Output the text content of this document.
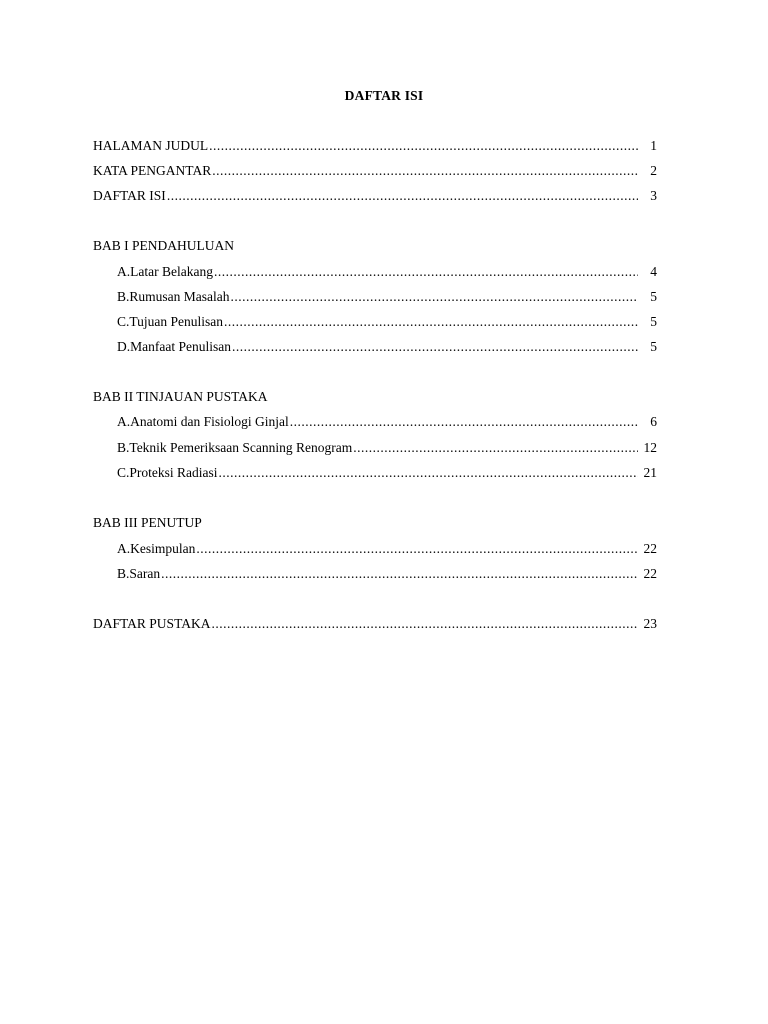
DAFTAR ISI
HALAMAN JUDUL .....	1
KATA PENGANTAR .....	2
DAFTAR ISI .....	3
BAB I PENDAHULUAN
A. Latar Belakang .....	4
B. Rumusan Masalah .....	5
C. Tujuan Penulisan .....	5
D. Manfaat Penulisan .....	5
BAB II TINJAUAN PUSTAKA
A. Anatomi dan Fisiologi Ginjal .....	6
B. Teknik Pemeriksaan Scanning Renogram .....	12
C. Proteksi Radiasi .....	21
BAB III PENUTUP
A. Kesimpulan .....	22
B. Saran .....	22
DAFTAR PUSTAKA .....	23
